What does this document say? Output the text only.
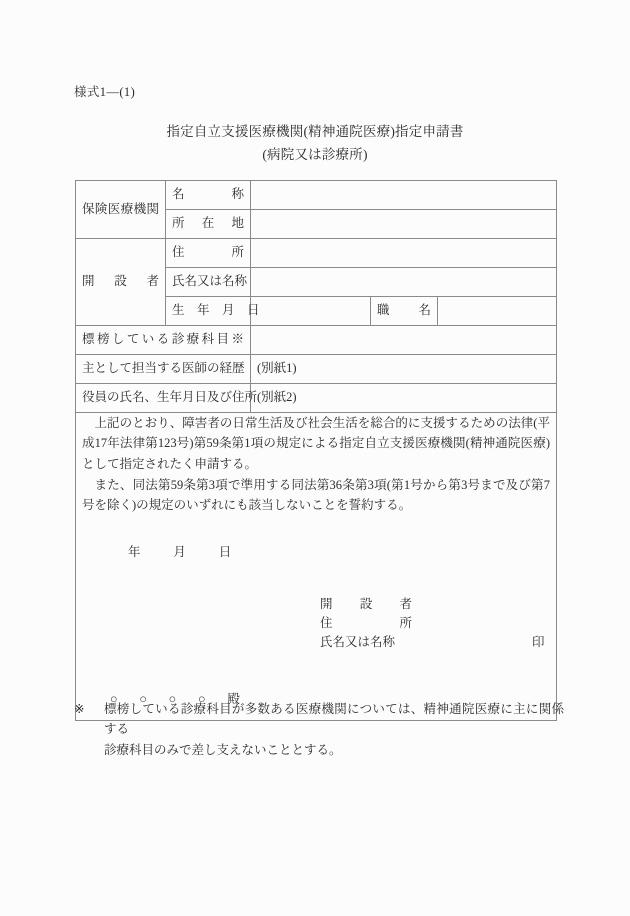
様式1―(1)
指定自立支援医療機関(精神通院医療)指定申請書
(病院又は診療所)
保険医療機関	名　称			
	所　在　地			
開　設　者	住　所			
	氏名又は名称			
	生　年　月　日		職　名	
標榜している診療科目※				
主として担当する医師の経歴		(別紙1)		
役員の氏名、生年月日及び住所		(別紙2)		

上記のとおり、障害者の日常生活及び社会生活を総合的に支援するための法律(平成17年法律第123号)第59条第1項の規定による指定自立支援医療機関(精神通院医療)として指定されたく申請する。

また、同法第59条第3項で準用する同法第36条第3項(第1号から第3号まで及び第7号を除く)の規定のいずれにも該当しないことを誓約する。

年	月	日
開　設　者
住　所
氏名又は名称	印
○ ○ ○ ○ 殿
※	標榜している診療科目が多数ある医療機関については、精神通院医療に主に関係する
診療科目のみで差し支えないこととする。
